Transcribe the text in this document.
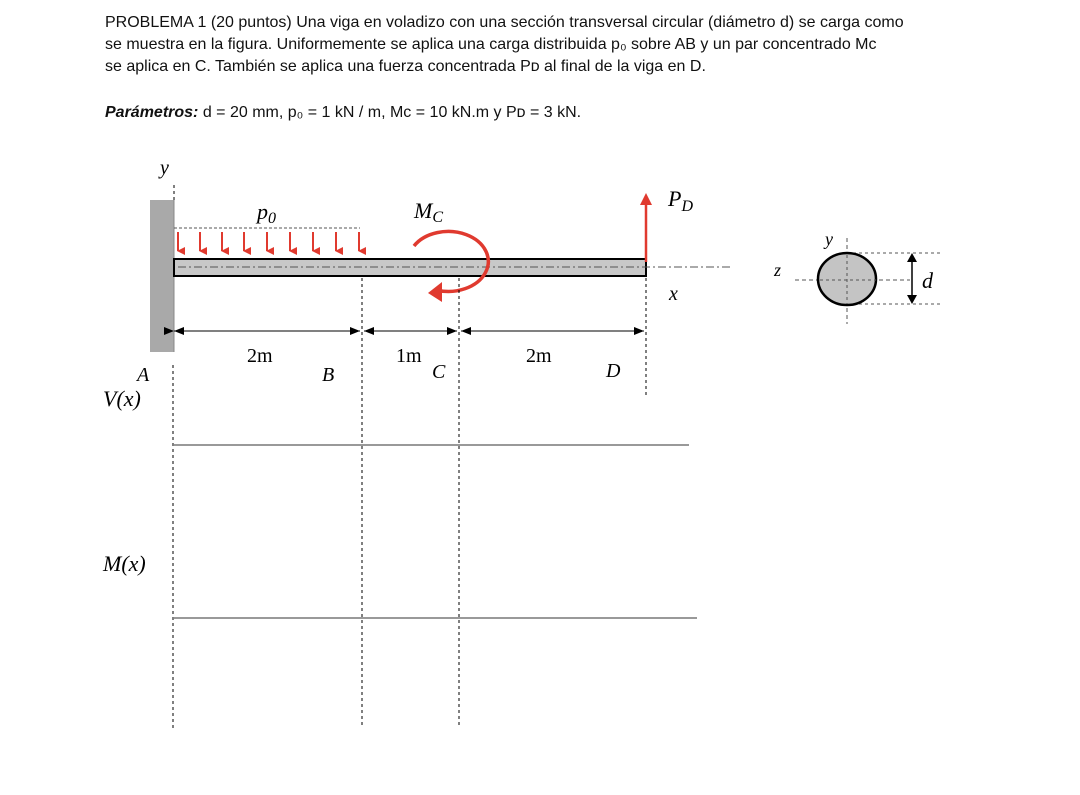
PROBLEMA 1 (20 puntos) Una viga en voladizo con una sección transversal circular (diámetro d) se carga como

se muestra en la figura. Uniformemente se aplica una carga distribuida p₀ sobre AB y un par concentrado Mᴄ

se aplica en C. También se aplica una fuerza concentrada Pᴅ al final de la viga en D.

Parámetros: d = 20 mm, p₀ = 1 kN / m, Mᴄ = 10 kN.m y Pᴅ = 3 kN.
y
p0	MC
$P_D$
x
2m	1m	2m
A	B	C	D
V(x)
M(x)
y
z	d
